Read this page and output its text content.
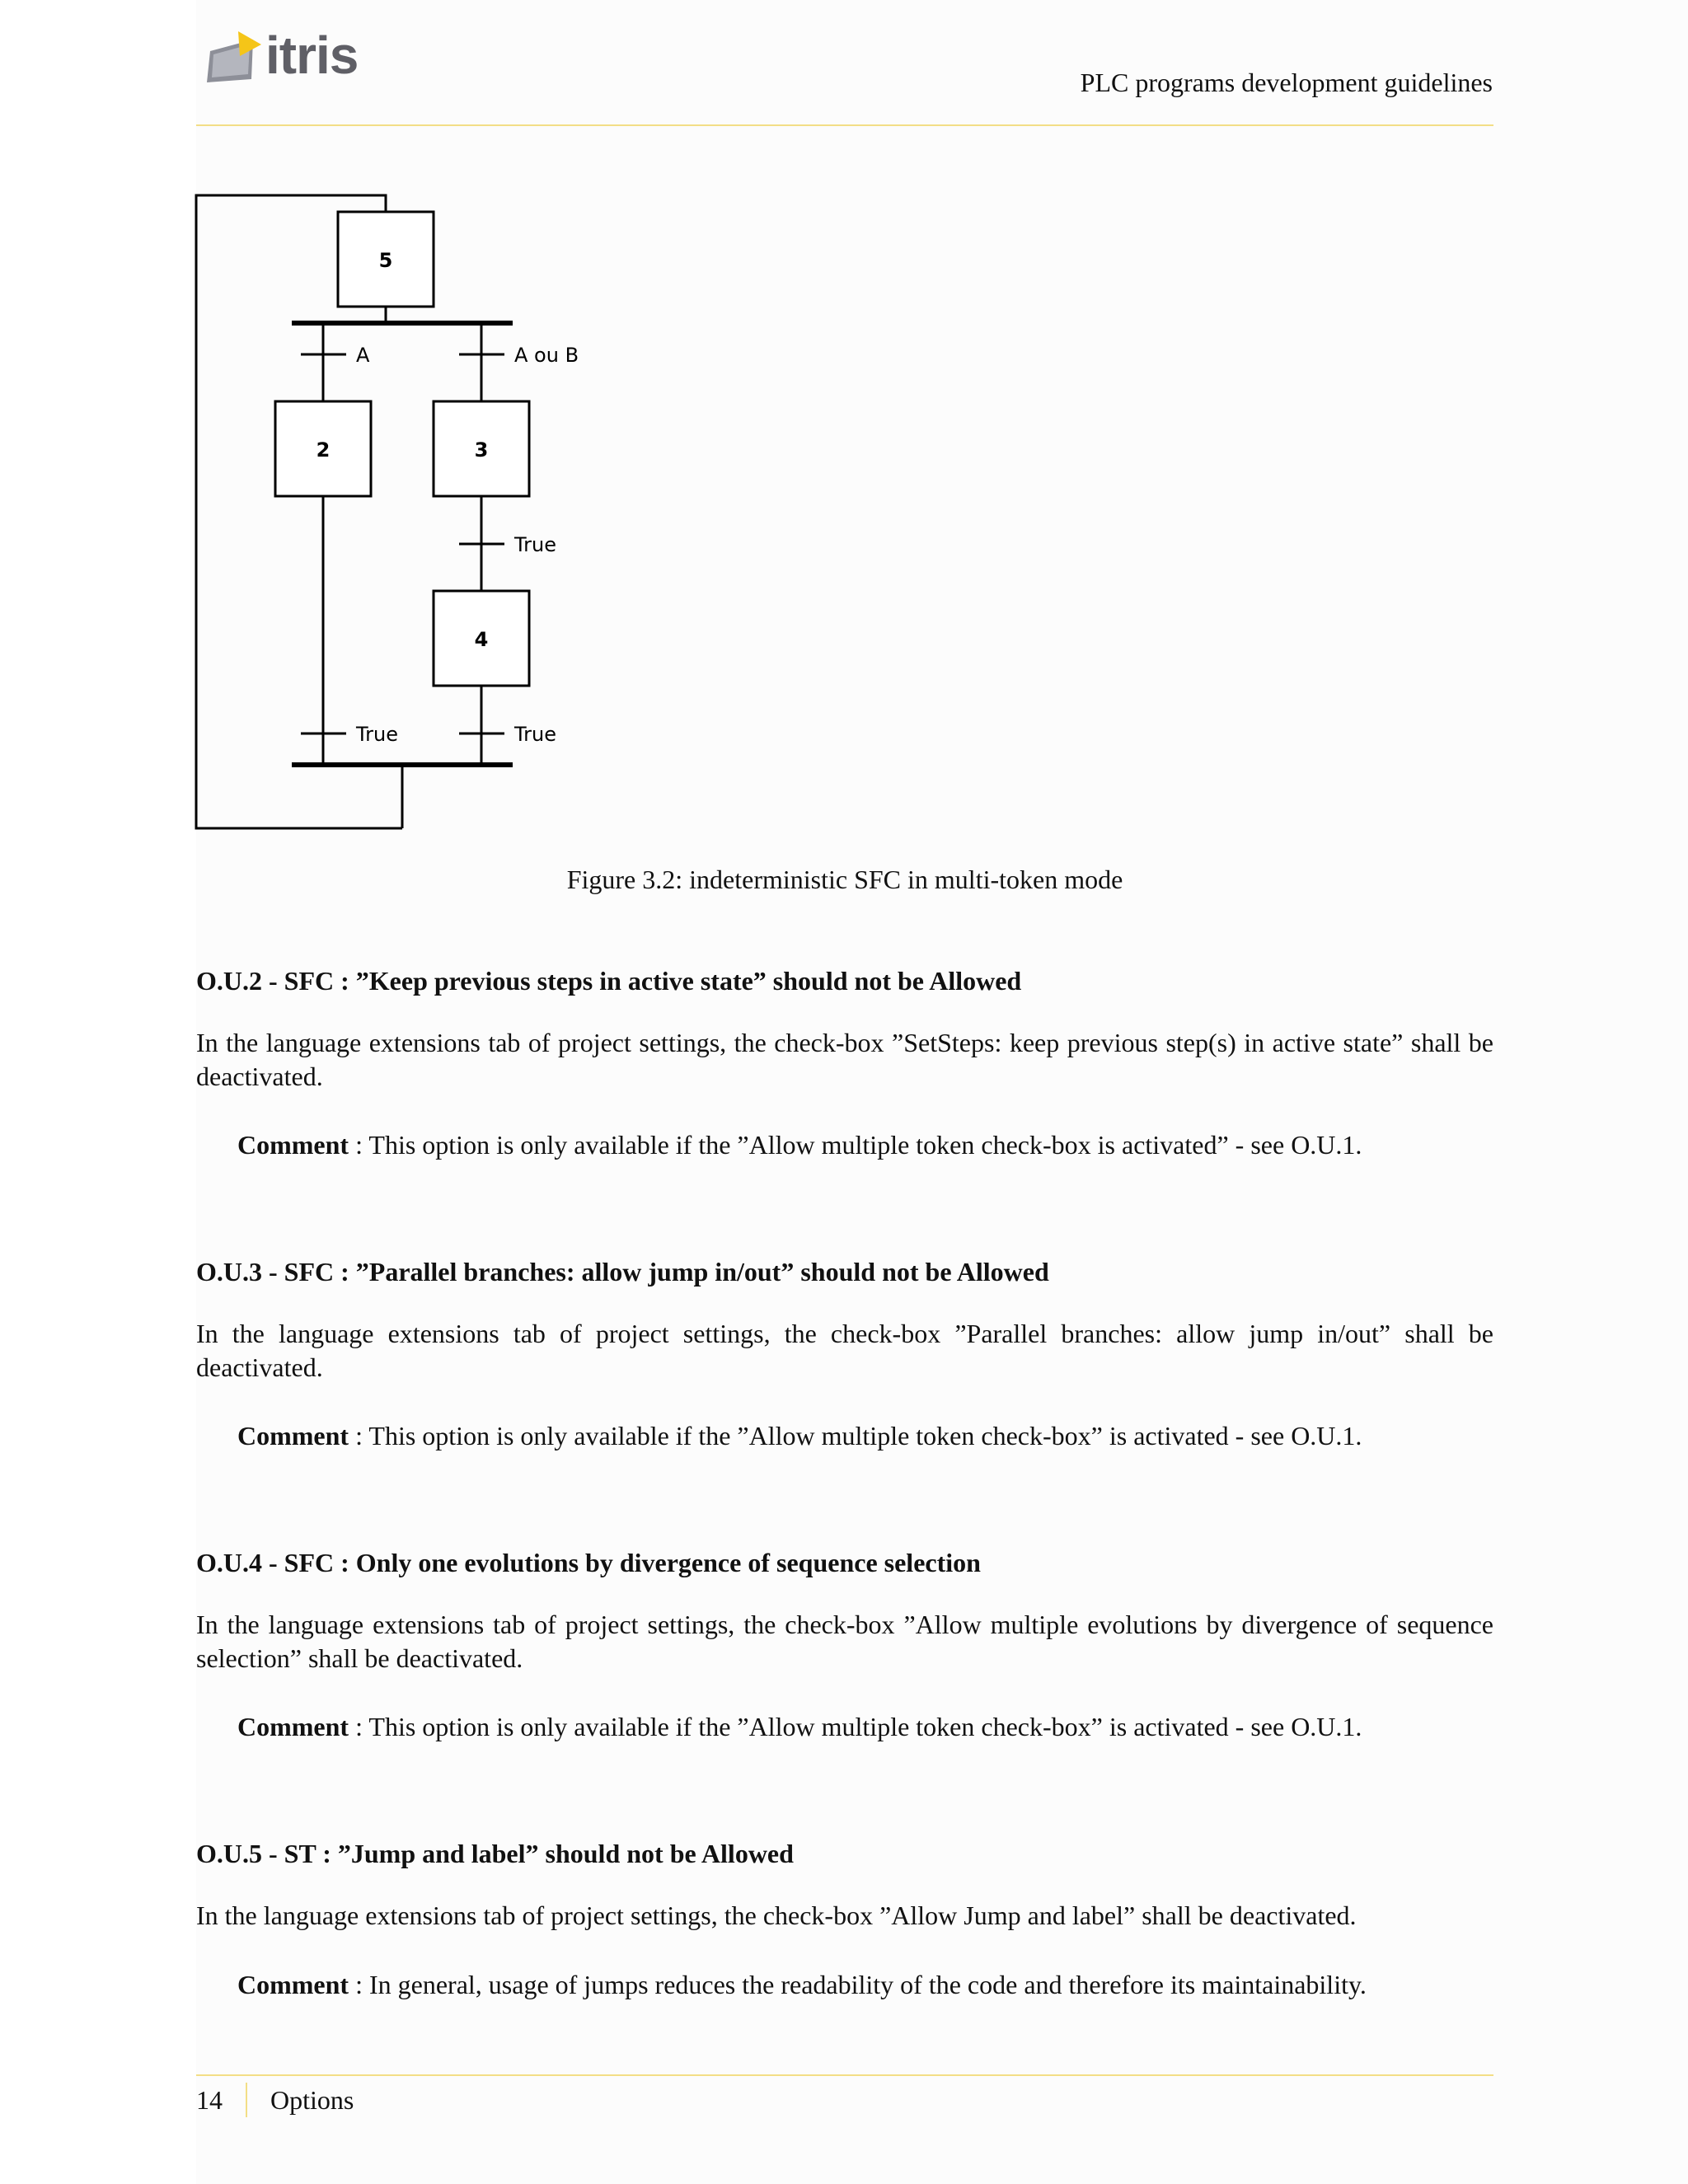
itris	PLC programs development guidelines
5
2	3
4
A	A ou B
True
True	True
Figure 3.2: indeterministic SFC in multi-token mode
O.U.2 - SFC : ”Keep previous steps in active state” should not be Allowed
In the language extensions tab of project settings, the check-box ”SetSteps: keep previous step(s) in active state” shall be deactivated.
Comment : This option is only available if the ”Allow multiple token check-box is activated” - see O.U.1.
O.U.3 - SFC : ”Parallel branches: allow jump in/out” should not be Allowed
In the language extensions tab of project settings, the check-box ”Parallel branches: allow jump in/out” shall be deactivated.
Comment : This option is only available if the ”Allow multiple token check-box” is activated - see O.U.1.
O.U.4 - SFC : Only one evolutions by divergence of sequence selection
In the language extensions tab of project settings, the check-box ”Allow multiple evolutions by divergence of sequence selection” shall be deactivated.
Comment : This option is only available if the ”Allow multiple token check-box” is activated - see O.U.1.
O.U.5 - ST : ”Jump and label” should not be Allowed
In the language extensions tab of project settings, the check-box ”Allow Jump and label” shall be deactivated.
Comment : In general, usage of jumps reduces the readability of the code and therefore its maintainability.
14 Options
